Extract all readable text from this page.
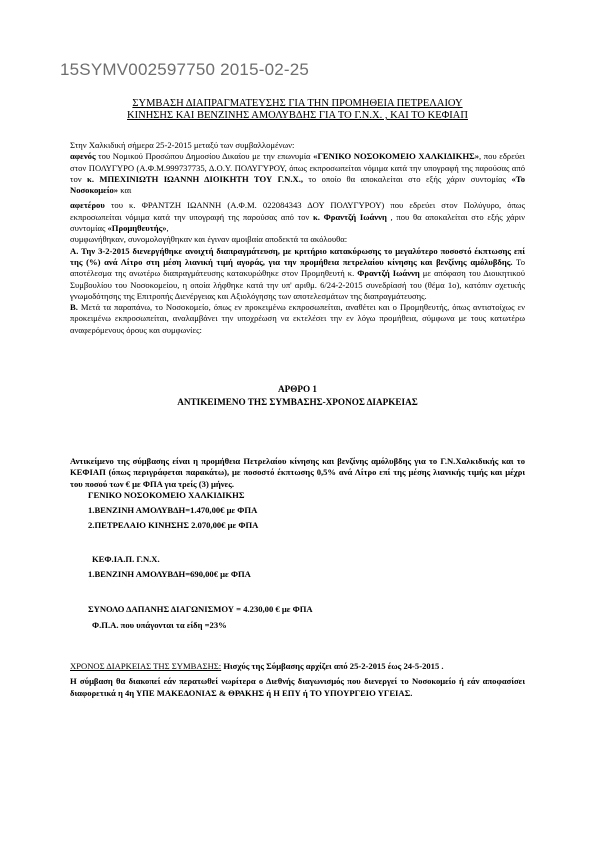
15SYMV002597750 2015-02-25
ΣΥΜΒΑΣΗ ΔΙΑΠΡΑΓΜΑΤΕΥΣΗΣ ΓΙΑ ΤΗΝ ΠΡΟΜΗΘΕΙΑ ΠΕΤΡΕΛΑΙΟΥ
ΚΙΝΗΣΗΣ ΚΑΙ ΒΕΝΖΙΝΗΣ ΑΜΟΛΥΒΔΗΣ ΓΙΑ ΤΟ Γ.Ν.Χ. , ΚΑΙ ΤΟ ΚΕΦΙΑΠ

Στην Χαλκιδική σήμερα 25-2-2015 μεταξύ των συμβαλλομένων:

αφενός του Νομικού Προσώπου Δημοσίου Δικαίου με την επωνυμία «ΓΕΝΙΚΟ ΝΟΣΟΚΟΜΕΙΟ ΧΑΛΚΙΔΙΚΗΣ», που εδρεύει στον ΠΟΛΥΓΥΡΟ (Α.Φ.Μ.999737735, Δ.Ο.Υ. ΠΟΛΥΓΥΡΟΥ, όπως εκπροσωπείται νόμιμα κατά την υπογραφή της παρούσας από τον κ. ΜΠΕΧΙΝΙΩΤΗ ΙΩΑΝΝΗ ΔΙΟΙΚΗΤΗ ΤΟΥ Γ.Ν.Χ., το οποίο θα αποκαλείται στο εξής χάριν συντομίας «Το Νοσοκομείο» και

αφετέρου του κ. ΦΡΑΝΤΖΗ ΙΩΑΝΝΗ (Α.Φ.Μ. 022084343 ΔΟΥ ΠΟΛΥΓΥΡΟΥ) που εδρεύει στον Πολύγυρο, όπως εκπροσωπείται νόμιμα κατά την υπογραφή της παρούσας από τον κ. Φραντζή Ιωάννη , που θα αποκαλείται στο εξής χάριν συντομίας «Προμηθευτής»,

συμφωνήθηκαν, συνομολογήθηκαν και έγιναν αμοιβαία αποδεκτά τα ακόλουθα:

Α. Την 3-2-2015 διενεργήθηκε ανοιχτή διαπραγμάτευση, με κριτήριο κατακύρωσης το μεγαλύτερο ποσοστό έκπτωσης επί της (%) ανά Λίτρο στη μέση λιανική τιμή αγοράς, για την προμήθεια πετρελαίου κίνησης και βενζίνης αμόλυβδης. Το αποτέλεσμα της ανωτέρω διαπραγμάτευσης κατακυρώθηκε στον Προμηθευτή κ. Φραντζή Ιωάννη με απόφαση του Διοικητικού Συμβουλίου του Νοσοκομείου, η οποία λήφθηκε κατά την υπ' αριθμ. 6/24-2-2015 συνεδρίασή του (θέμα 1ο), κατόπιν σχετικής γνωμοδότησης της Επιτροπής Διενέργειας και Αξιολόγησης των αποτελεσμάτων της διαπραγμάτευσης.

Β. Μετά τα παραπάνω, το Νοσοκομείο, όπως εν προκειμένω εκπροσωπείται, αναθέτει και ο Προμηθευτής, όπως αντιστοίχως εν προκειμένω εκπροσωπείται, αναλαμβάνει την υποχρέωση να εκτελέσει την εν λόγω προμήθεια, σύμφωνα με τους κατωτέρω αναφερόμενους όρους και συμφωνίες:

ΑΡΘΡΟ 1

ΑΝΤΙΚΕΙΜΕΝΟ ΤΗΣ ΣΥΜΒΑΣΗΣ-ΧΡΟΝΟΣ ΔΙΑΡΚΕΙΑΣ

Αντικείμενο της σύμβασης είναι η προμήθεια Πετρελαίου κίνησης και βενζίνης αμόλυβδης για το Γ.Ν.Χαλκιδικής και το ΚΕΦΙΑΠ (όπως περιγράφεται παρακάτω), με ποσοστό έκπτωσης 0,5% ανά Λίτρο επί της μέσης λιανικής τιμής και μέχρι του ποσού των € με ΦΠΑ για τρείς (3) μήνες.

ΓΕΝΙΚΟ ΝΟΣΟΚΟΜΕΙΟ ΧΑΛΚΙΔΙΚΗΣ

1.ΒΕΝΖΙΝΗ ΑΜΟΛΥΒΔΗ=1.470,00€ με ΦΠΑ

2.ΠΕΤΡΕΛΑΙΟ ΚΙΝΗΣΗΣ 2.070,00€ με ΦΠΑ

ΚΕΦ.ΙΑ.Π. Γ.Ν.Χ.

1.ΒΕΝΖΙΝΗ ΑΜΟΛΥΒΔΗ=690,00€ με ΦΠΑ

ΣΥΝΟΛΟ ΔΑΠΑΝΗΣ ΔΙΑΓΩΝΙΣΜΟΥ = 4.230,00 € με ΦΠΑ

Φ.Π.Α. που υπάγονται τα είδη =23%

ΧΡΟΝΟΣ ΔΙΑΡΚΕΙΑΣ ΤΗΣ ΣΥΜΒΑΣΗΣ: Ηισχύς της Σύμβασης αρχίζει από 25-2-2015 έως 24-5-2015 .

Η σύμβαση θα διακοπεί εάν περατωθεί νωρίτερα ο Διεθνής διαγωνισμός που διενεργεί το Νοσοκομείο ή εάν αποφασίσει διαφορετικά η 4η ΥΠΕ ΜΑΚΕΔΟΝΙΑΣ & ΘΡΑΚΗΣ ή Η ΕΠΥ ή ΤΟ ΥΠΟΥΡΓΕΙΟ ΥΓΕΙΑΣ.
